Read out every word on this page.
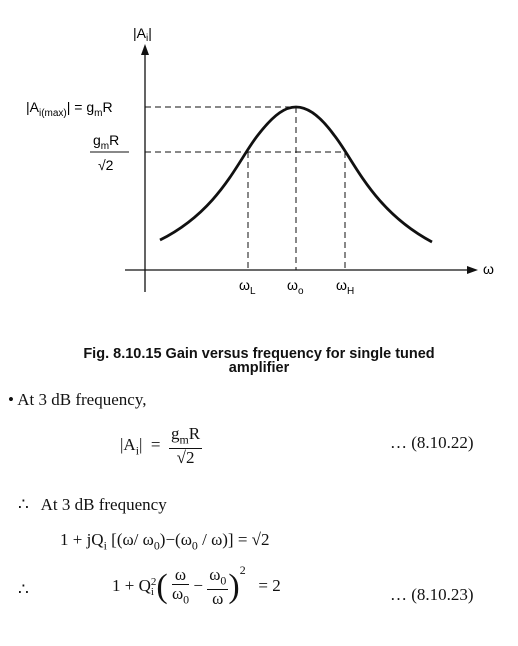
$|A_i|$
ω
$|A_{i(max)}| = g_mR$
$g_mR$
√2
$\omega_L$ $\omega_o$ $\omega_H$
Fig. 8.10.15 Gain versus frequency for single tuned
amplifier
• At 3 dB frequency,
$|A_i| = \frac{g_mR}{√2}$	… (8.10.22)
∴ At 3 dB frequency
$1 + jQ_i$ [(ω/ $\omega_0)-(\omega_0 / \omega)] = √2$
∴	1 + Q 2
i ( $\frac{\omega}{\omega_0} - \frac{\omega_0}{\omega} )^2 = 2$	… (8.10.23)
